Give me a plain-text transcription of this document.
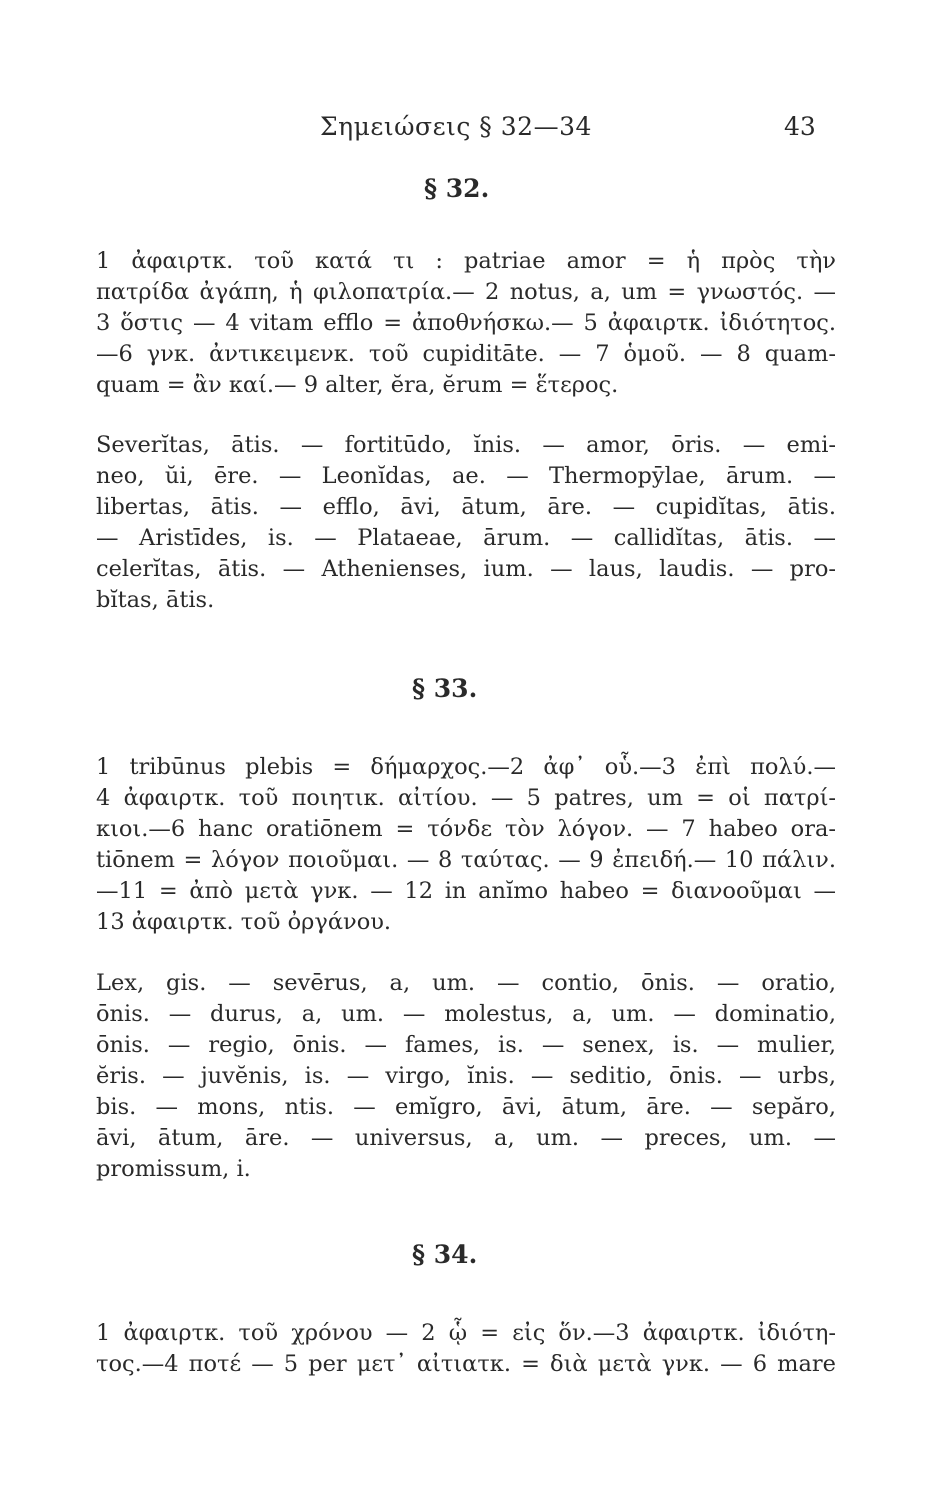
Σημειώσεις § 32—34	43
§ 32.
1 ἀφαιρτκ. τοῦ κατά τι : patriae amor = ἡ πρὸς τὴν
πατρίδα ἀγάπη, ἡ φιλοπατρία.— 2 notus, a, um = γνωστός. —
3 ὅστις — 4 vitam efflo = ἀποθνήσκω.— 5 ἀφαιρτκ. ἰδιότητος.
—6 γνκ. ἀντικειμενκ. τοῦ cupiditāte. — 7 ὁμοῦ. — 8 quam-
quam = ἂν καί.— 9 alter, ĕra, ĕrum = ἕτερος.
Severĭtas, ātis. — fortitūdo, ĭnis. — amor, ōris. — emi-
neo, ŭi, ēre. — Leonĭdas, ae. — Thermopȳlae, ārum. —
libertas, ātis. — efflo, āvi, ātum, āre. — cupidĭtas, ātis.
— Aristīdes, is. — Plataeae, ārum. — callidĭtas, ātis. —
celerĭtas, ātis. — Athenienses, ium. — laus, laudis. — pro-
bĭtas, ātis.
§ 33.
1 tribūnus plebis = δήμαρχος.—2 ἀφ᾽ οὗ.—3 ἐπὶ πολύ.—
4 ἀφαιρτκ. τοῦ ποιητικ. αἰτίου. — 5 patres, um = οἱ πατρί-
κιοι.—6 hanc oratiōnem = τόνδε τὸν λόγον. — 7 habeo ora-
tiōnem = λόγον ποιοῦμαι. — 8 ταύτας. — 9 ἐπειδή.— 10 πάλιν.
—11 = ἀπὸ μετὰ γνκ. — 12 in anĭmo habeo = διανοοῦμαι —
13 ἀφαιρτκ. τοῦ ὀργάνου.
Lex, gis. — sevērus, a, um. — contio, ōnis. — oratio,
ōnis. — durus, a, um. — molestus, a, um. — dominatio,
ōnis. — regio, ōnis. — fames, is. — senex, is. — mulier,
ĕris. — juvĕnis, is. — virgo, ĭnis. — seditio, ōnis. — urbs,
bis. — mons, ntis. — emĭgro, āvi, ātum, āre. — sepăro,
āvi, ātum, āre. — universus, a, um. — preces, um. —
promissum, i.
§ 34.
1 ἀφαιρτκ. τοῦ χρόνου — 2 ᾧ = εἰς ὅν.—3 ἀφαιρτκ. ἰδιότη-
τος.—4 ποτέ — 5 per μετ᾽ αἰτιατκ. = διὰ μετὰ γνκ. — 6 mare
